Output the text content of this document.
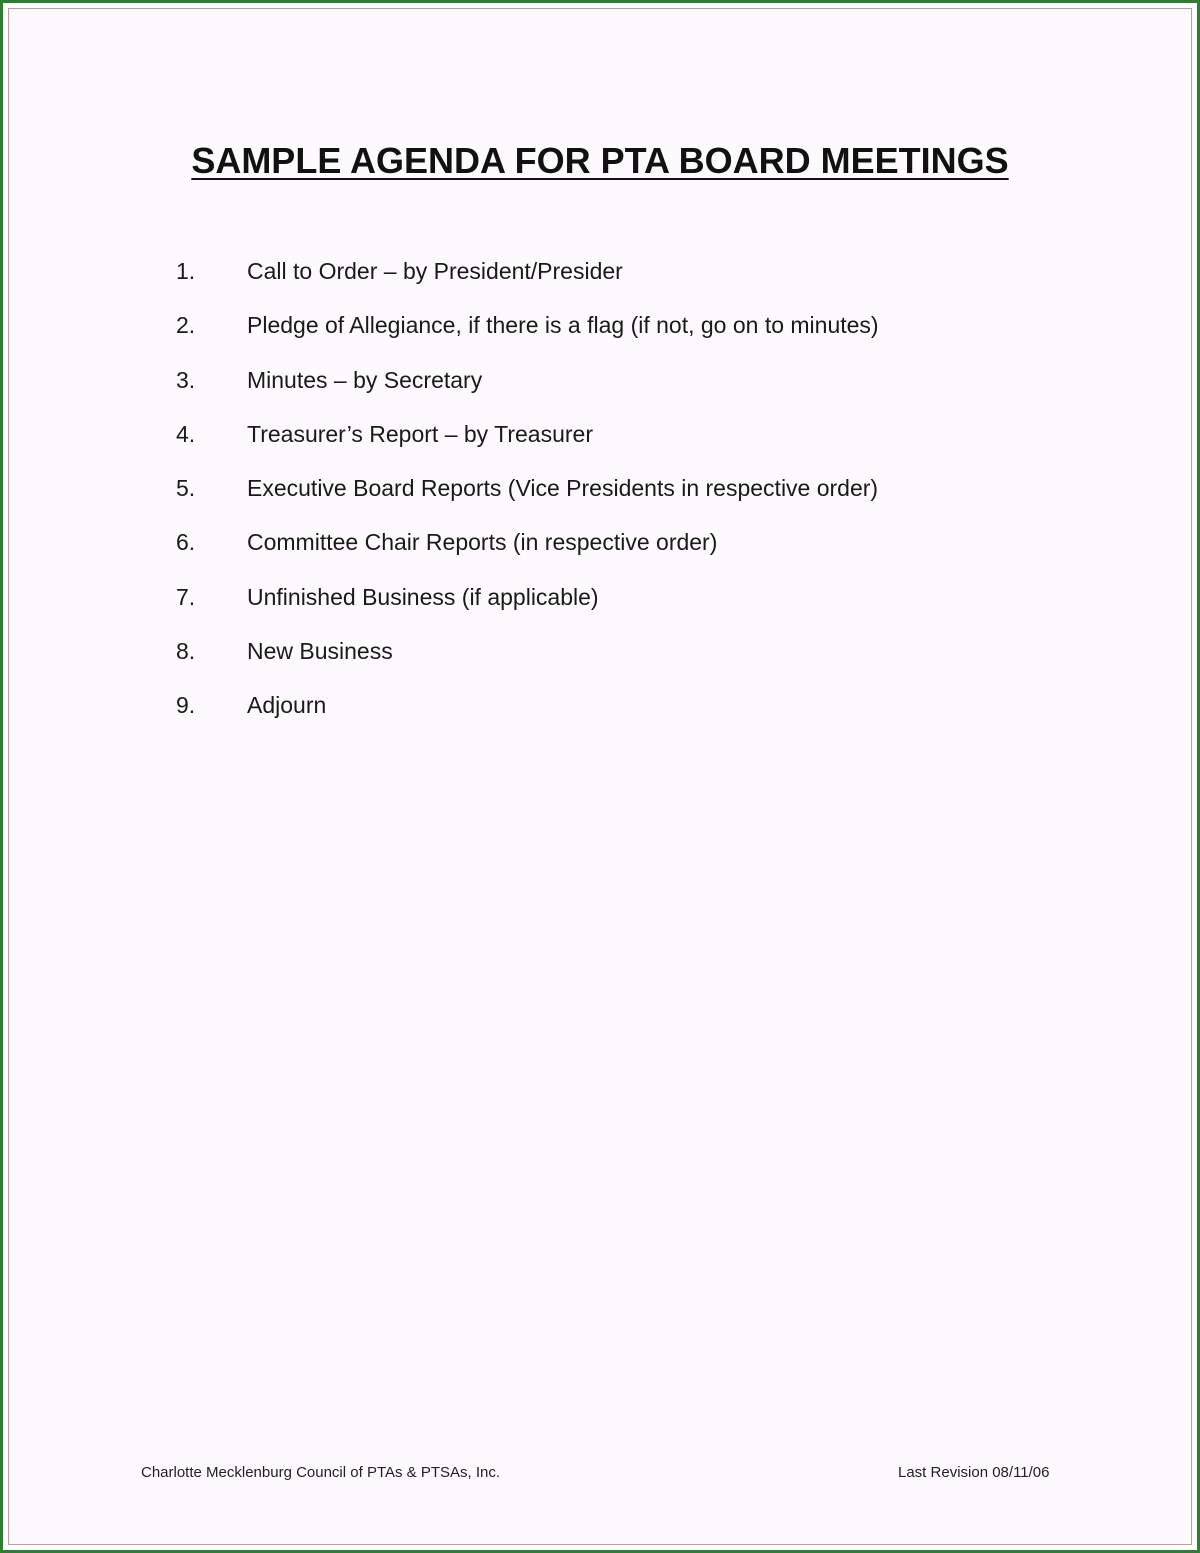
SAMPLE AGENDA FOR PTA BOARD MEETINGS
1.	Call to Order – by President/Presider
2.	Pledge of Allegiance, if there is a flag (if not, go on to minutes)
3.	Minutes – by Secretary
4.	Treasurer’s Report – by Treasurer
5.	Executive Board Reports (Vice Presidents in respective order)
6.	Committee Chair Reports (in respective order)
7.	Unfinished Business (if applicable)
8.	New Business
9.	Adjourn
Charlotte Mecklenburg Council of PTAs & PTSAs, Inc.	Last Revision 08/11/06
